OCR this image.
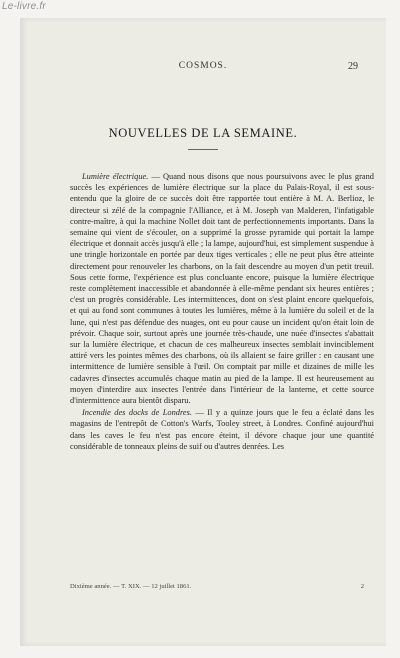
Le-livre.fr
COSMOS.	29
NOUVELLES DE LA SEMAINE.

Lumière électrique. — Quand nous disons que nous poursuivons avec le plus grand succès les expériences de lumière électrique sur la place du Palais-Royal, il est sous-entendu que la gloire de ce succès doit être rapportée tout entière à M. A. Berlioz, le directeur si zélé de la compagnie l'Alliance, et à M. Joseph van Malderen, l'infatigable contre-maître, à qui la machine Nollet doit tant de perfectionnements importants. Dans la semaine qui vient de s'écouler, on a supprimé la grosse pyramide qui portait la lampe électrique et donnait accès jusqu'à elle ; la lampe, aujourd'hui, est simplement suspendue à une tringle horizontale en portée par deux tiges verticales ; elle ne peut plus être atteinte directement pour renouveler les charbons, on la fait descendre au moyen d'un petit treuil. Sous cette forme, l'expérience est plus concluante encore, puisque la lumière électrique reste complètement inaccessible et abandonnée à elle-même pendant six heures entières ; c'est un progrès considérable. Les intermittences, dont on s'est plaint encore quelquefois, et qui au fond sont communes à toutes les lumières, même à la lumière du soleil et de la lune, qui n'est pas défendue des nuages, ont eu pour cause un incident qu'on était loin de prévoir. Chaque soir, surtout après une journée très-chaude, une nuée d'insectes s'abattait sur la lumière électrique, et chacun de ces malheureux insectes semblait invinciblement attiré vers les pointes mêmes des charbons, où ils allaient se faire griller : en causant une intermittence de lumière sensible à l'œil. On comptait par mille et dizaines de mille les cadavres d'insectes accumulés chaque matin au pied de la lampe. Il est heureusement au moyen d'interdire aux insectes l'entrée dans l'intérieur de la lanterne, et cette source d'intermittence aura bientôt disparu.

Incendie des docks de Londres. — Il y a quinze jours que le feu a éclaté dans les magasins de l'entrepôt de Cotton's Warfs, Tooley street, à Londres. Confiné aujourd'hui dans les caves le feu n'est pas encore éteint, il dévore chaque jour une quantité considérable de tonneaux pleins de suif ou d'autres denrées. Les

Dixième année. — T. XIX. — 12 juillet 1861.	2
